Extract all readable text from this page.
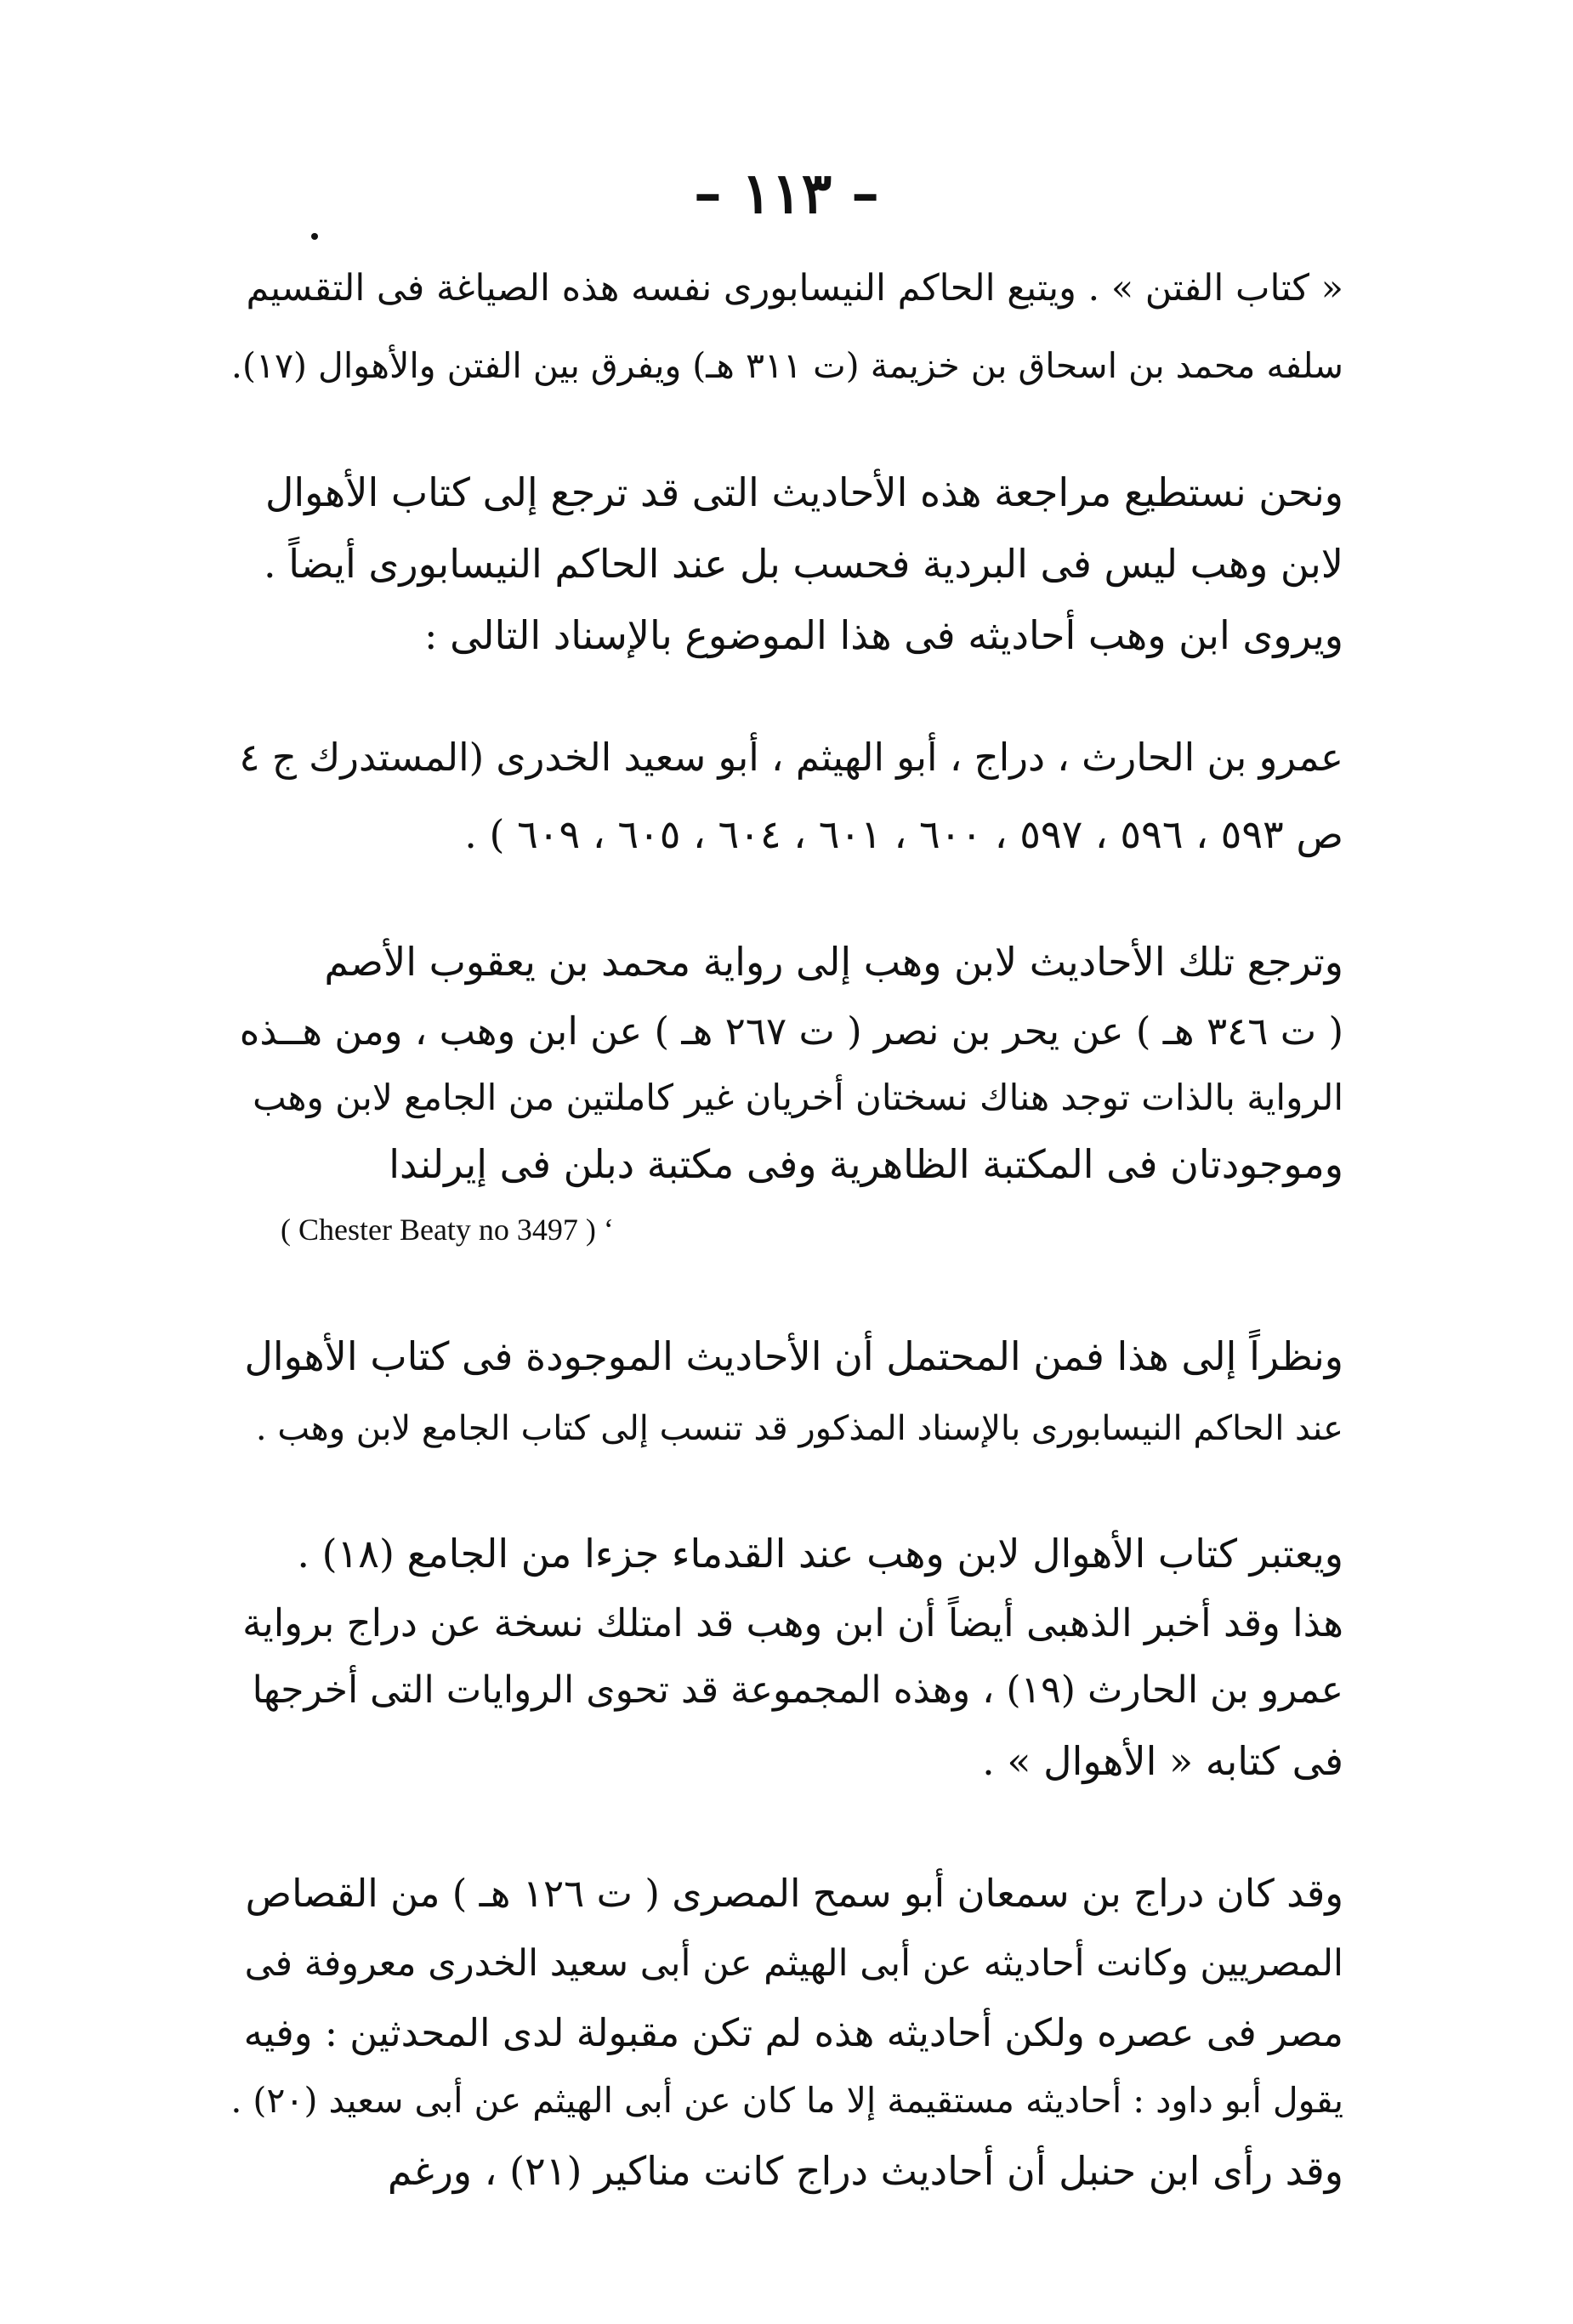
– ١١٣ –
« كتاب الفتن » . ويتبع الحاكم النيسابورى نفسه هذه الصياغة فى التقسيم
سلفه محمد بن اسحاق بن خزيمة (ت ٣١١ هـ) ويفرق بين الفتن والأهوال (١٧).
ونحن نستطيع مراجعة هذه الأحاديث التى قد ترجع إلى كتاب الأهوال
لابن وهب ليس فى البردية فحسب بل عند الحاكم النيسابورى أيضاً .
ويروى ابن وهب أحاديثه فى هذا الموضوع بالإسناد التالى :
عمرو بن الحارث ، دراج ، أبو الهيثم ، أبو سعيد الخدرى (المستدرك ج ٤
ص ٥٩٣ ، ٥٩٦ ، ٥٩٧ ، ٦٠٠ ، ٦٠١ ، ٦٠٤ ، ٦٠٥ ، ٦٠٩ ) .
وترجع تلك الأحاديث لابن وهب إلى رواية محمد بن يعقوب الأصم
( ت ٣٤٦ هـ ) عن يحر بن نصر ( ت ٢٦٧ هـ ) عن ابن وهب ، ومن هــذه
الرواية بالذات توجد هناك نسختان أخريان غير كاملتين من الجامع لابن وهب
وموجودتان فى المكتبة الظاهرية وفى مكتبة دبلن فى إيرلندا
( Chester Beaty no 3497 ) ‘
ونظراً إلى هذا فمن المحتمل أن الأحاديث الموجودة فى كتاب الأهوال
عند الحاكم النيسابورى بالإسناد المذكور قد تنسب إلى كتاب الجامع لابن وهب .
ويعتبر كتاب الأهوال لابن وهب عند القدماء جزءا من الجامع (١٨) .
هذا وقد أخبر الذهبى أيضاً أن ابن وهب قد امتلك نسخة عن دراج برواية
عمرو بن الحارث (١٩) ، وهذه المجموعة قد تحوى الروايات التى أخرجها
فى كتابه « الأهوال » .
وقد كان دراج بن سمعان أبو سمح المصرى ( ت ١٢٦ هـ ) من القصاص
المصريين وكانت أحاديثه عن أبى الهيثم عن أبى سعيد الخدرى معروفة فى
مصر فى عصره ولكن أحاديثه هذه لم تكن مقبولة لدى المحدثين : وفيه
يقول أبو داود : أحاديثه مستقيمة إلا ما كان عن أبى الهيثم عن أبى سعيد (٢٠) .
وقد رأى ابن حنبل أن أحاديث دراج كانت مناكير (٢١) ، ورغم
